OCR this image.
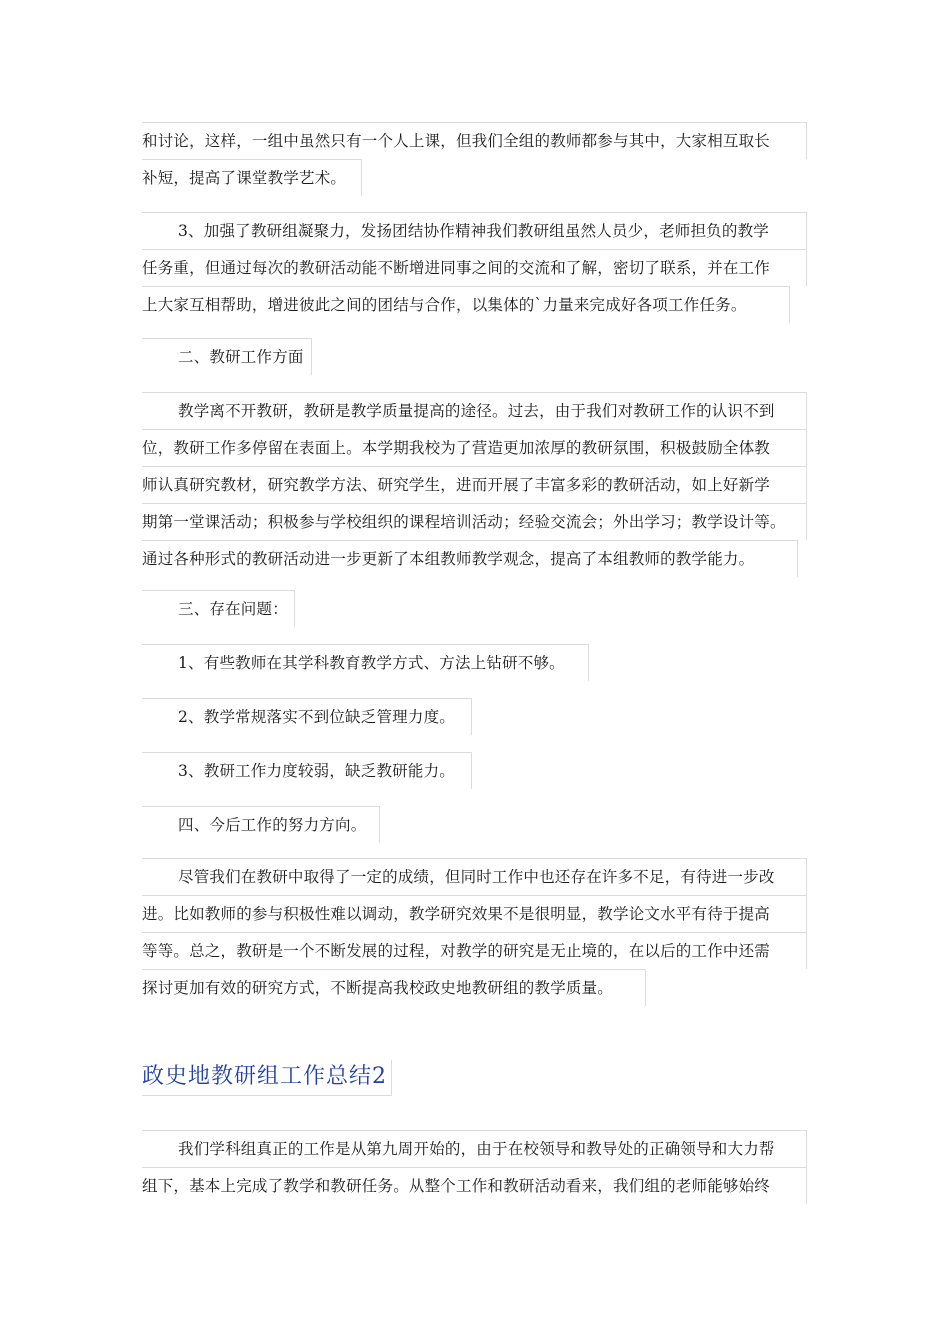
和讨论，这样，一组中虽然只有一个人上课，但我们全组的教师都参与其中，大家相互取长
补短，提高了课堂教学艺术。
3、加强了教研组凝聚力，发扬团结协作精神我们教研组虽然人员少，老师担负的教学
任务重，但通过每次的教研活动能不断增进同事之间的交流和了解，密切了联系，并在工作
上大家互相帮助，增进彼此之间的团结与合作，以集体的`力量来完成好各项工作任务。
二、教研工作方面
教学离不开教研，教研是教学质量提高的途径。过去，由于我们对教研工作的认识不到
位，教研工作多停留在表面上。本学期我校为了营造更加浓厚的教研氛围，积极鼓励全体教
师认真研究教材，研究教学方法、研究学生，进而开展了丰富多彩的教研活动，如上好新学
期第一堂课活动；积极参与学校组织的课程培训活动；经验交流会；外出学习；教学设计等。
通过各种形式的教研活动进一步更新了本组教师教学观念，提高了本组教师的教学能力。
三、存在问题：
1、有些教师在其学科教育教学方式、方法上钻研不够。
2、教学常规落实不到位缺乏管理力度。
3、教研工作力度较弱，缺乏教研能力。
四、今后工作的努力方向。
尽管我们在教研中取得了一定的成绩，但同时工作中也还存在许多不足，有待进一步改
进。比如教师的参与积极性难以调动，教学研究效果不是很明显，教学论文水平有待于提高
等等。总之，教研是一个不断发展的过程，对教学的研究是无止境的，在以后的工作中还需
探讨更加有效的研究方式，不断提高我校政史地教研组的教学质量。
政史地教研组工作总结2
我们学科组真正的工作是从第九周开始的，由于在校领导和教导处的正确领导和大力帮
组下，基本上完成了教学和教研任务。从整个工作和教研活动看来，我们组的老师能够始终
